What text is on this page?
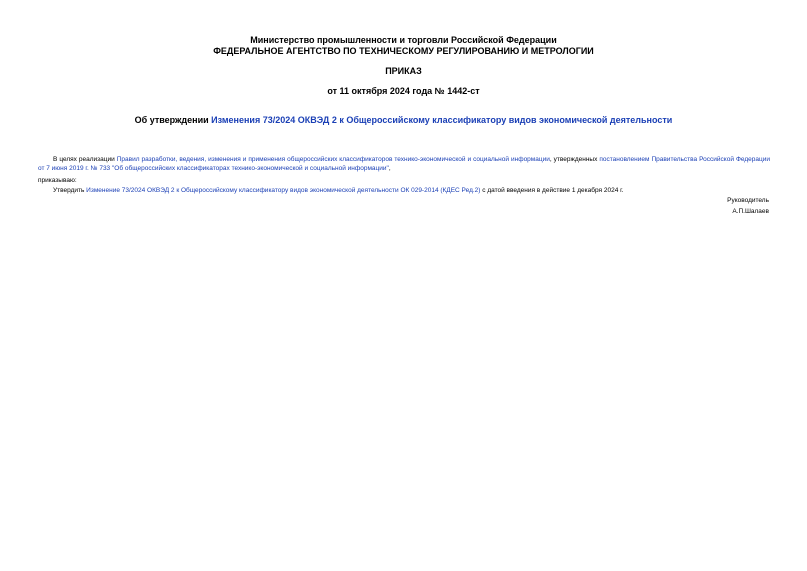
Министерство промышленности и торговли Российской Федерации
ФЕДЕРАЛЬНОЕ АГЕНТСТВО ПО ТЕХНИЧЕСКОМУ РЕГУЛИРОВАНИЮ И МЕТРОЛОГИИ
ПРИКАЗ
от 11 октября 2024 года № 1442-ст
Об утверждении Изменения 73/2024 ОКВЭД 2 к Общероссийскому классификатору видов экономической деятельности
В целях реализации Правил разработки, ведения, изменения и применения общероссийских классификаторов технико-экономической и социальной информации, утвержденных постановлением Правительства Российской Федерации от 7 июня 2019 г. № 733 "Об общероссийских классификаторах технико-экономической и социальной информации",
приказываю:
Утвердить Изменение 73/2024 ОКВЭД 2 к Общероссийскому классификатору видов экономической деятельности ОК 029-2014 (КДЕС Ред.2) с датой введения в действие 1 декабря 2024 г.
Руководитель
А.П.Шалаев
